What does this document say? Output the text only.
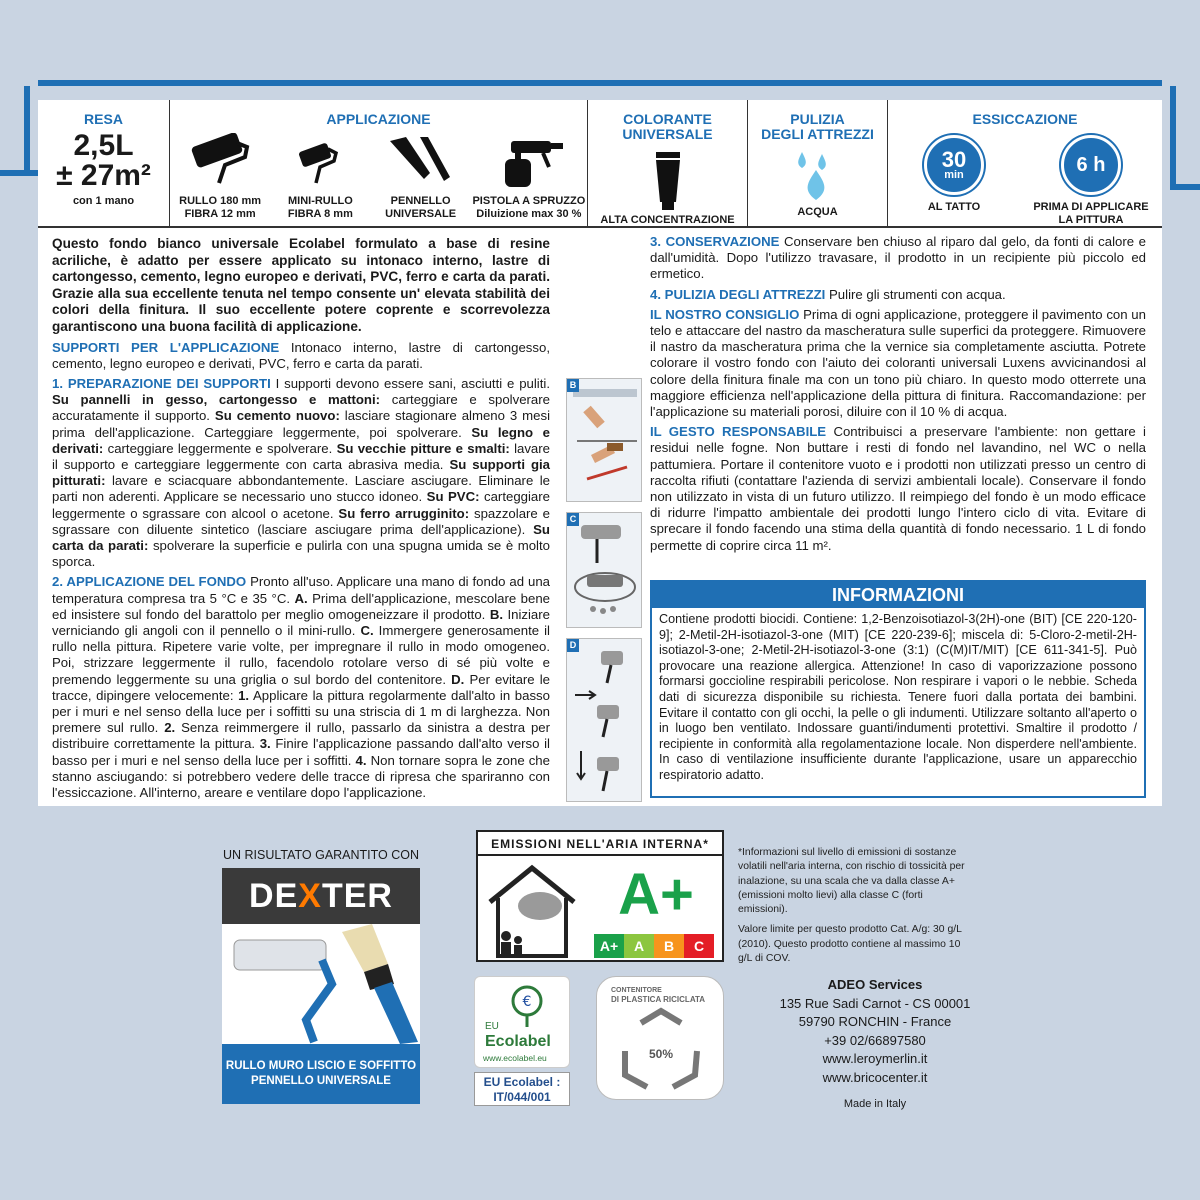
RESA
2,5L
± 27m²
con 1 mano
APPLICAZIONE
RULLO 180 mm
FIBRA 12 mm
MINI-RULLO
FIBRA 8 mm
PENNELLO
UNIVERSALE
PISTOLA A SPRUZZO
Diluizione max 30 %
COLORANTE
UNIVERSALE
ALTA CONCENTRAZIONE
PULIZIA
DEGLI ATTREZZI
ACQUA
ESSICCAZIONE
30
min
AL TATTO
6 h
PRIMA DI APPLICARE
LA PITTURA

Questo fondo bianco universale Ecolabel formulato a base di resine acriliche, è adatto per essere applicato su intonaco interno, lastre di cartongesso, cemento, legno europeo e derivati, PVC, ferro e carta da parati. Grazie alla sua eccellente tenuta nel tempo consente un' elevata stabilità dei colori della finitura. Il suo eccellente potere coprente e scorrevolezza garantiscono una buona facilità di applicazione.

SUPPORTI PER L'APPLICAZIONE Intonaco interno, lastre di cartongesso, cemento, legno europeo e derivati, PVC, ferro e carta da parati.

1. PREPARAZIONE DEI SUPPORTI I supporti devono essere sani, asciutti e puliti. Su pannelli in gesso, cartongesso e mattoni: carteggiare e spolverare accuratamente il supporto. Su cemento nuovo: lasciare stagionare almeno 3 mesi prima dell'applicazione. Carteggiare leggermente, poi spolverare. Su legno e derivati: carteggiare leggermente e spolverare. Su vecchie pitture e smalti: lavare il supporto e carteggiare leggermente con carta abrasiva media. Su supporti gia pitturati: lavare e sciacquare abbondantemente. Lasciare asciugare. Eliminare le parti non aderenti. Applicare se necessario uno stucco idoneo. Su PVC: carteggiare leggermente o sgrassare con alcool o acetone. Su ferro arrugginito: spazzolare e sgrassare con diluente sintetico (lasciare asciugare prima dell'applicazione). Su carta da parati: spolverare la superficie e pulirla con una spugna umida se è molto sporca.

2. APPLICAZIONE DEL FONDO Pronto all'uso. Applicare una mano di fondo ad una temperatura compresa tra 5 °C e 35 °C. A. Prima dell'applicazione, mescolare bene ed insistere sul fondo del barattolo per meglio omogeneizzare il prodotto. B. Iniziare verniciando gli angoli con il pennello o il mini-rullo. C. Immergere generosamente il rullo nella pittura. Ripetere varie volte, per impregnare il rullo in modo omogeneo. Poi, strizzare leggermente il rullo, facendolo rotolare verso di sé più volte e premendo leggermente su una griglia o sul bordo del contenitore. D. Per evitare le tracce, dipingere velocemente: 1. Applicare la pittura regolarmente dall'alto in basso per i muri e nel senso della luce per i soffitti su una striscia di 1 m di larghezza. Non premere sul rullo. 2. Senza reimmergere il rullo, passarlo da sinistra a destra per distribuire correttamente la pittura. 3. Finire l'applicazione passando dall'alto verso il basso per i muri e nel senso della luce per i soffitti. 4. Non tornare sopra le zone che stanno asciugando: si potrebbero vedere delle tracce di ripresa che spariranno con l'essiccazione. All'interno, areare e ventilare dopo l'applicazione.

B
C
D

3. CONSERVAZIONE Conservare ben chiuso al riparo dal gelo, da fonti di calore e dall'umidità. Dopo l'utilizzo travasare, il prodotto in un recipiente più piccolo ed ermetico.

4. PULIZIA DEGLI ATTREZZI Pulire gli strumenti con acqua.

IL NOSTRO CONSIGLIO Prima di ogni applicazione, proteggere il pavimento con un telo e attaccare del nastro da mascheratura sulle superfici da proteggere. Rimuovere il nastro da mascheratura prima che la vernice sia completamente asciutta. Potrete colorare il vostro fondo con l'aiuto dei coloranti universali Luxens avvicinandosi al colore della finitura finale ma con un tono più chiaro. In questo modo otterrete una maggiore efficienza nell'applicazione della pittura di finitura. Raccomandazione: per l'applicazione su materiali porosi, diluire con il 10 % di acqua.

IL GESTO RESPONSABILE Contribuisci a preservare l'ambiente: non gettare i residui nelle fogne. Non buttare i resti di fondo nel lavandino, nel WC o nella pattumiera. Portare il contenitore vuoto e i prodotti non utilizzati presso un centro di raccolta rifiuti (contattare l'azienda di servizi ambientali locale). Conservare il fondo non utilizzato in vista di un futuro utilizzo. Il reimpiego del fondo è un modo efficace di ridurre l'impatto ambientale dei prodotti lungo l'intero ciclo di vita. Evitare di sprecare il fondo facendo una stima della quantità di fondo necessario. 1 L di fondo permette di coprire circa 11 m².

INFORMAZIONI
Contiene prodotti biocidi. Contiene: 1,2-Benzoisotiazol-3(2H)-one (BIT) [CE 220-120-9]; 2-Metil-2H-isotiazol-3-one (MIT) [CE 220-239-6]; miscela di: 5-Cloro-2-metil-2H-isotiazol-3-one; 2-Metil-2H-isotiazol-3-one (3:1) (C(M)IT/MIT) [CE 611-341-5]. Può provocare una reazione allergica. Attenzione! In caso di vaporizzazione possono formarsi goccioline respirabili pericolose. Non respirare i vapori o le nebbie. Scheda dati di sicurezza disponibile su richiesta. Tenere fuori dalla portata dei bambini. Evitare il contatto con gli occhi, la pelle o gli indumenti. Utilizzare soltanto all'aperto o in luogo ben ventilato. Indossare guanti/indumenti protettivi. Smaltire il prodotto / recipiente in conformità alla regolamentazione locale. Non disperdere nell'ambiente. In caso di ventilazione insufficiente durante l'applicazione, usare un apparecchio respiratorio adatto.
UN RISULTATO GARANTITO CON
DEXTER
RULLO MURO LISCIO E SOFFITTO
PENNELLO UNIVERSALE
EMISSIONI NELL'ARIA INTERNA*
A+
A+	A	B	C
*Informazioni sul livello di emissioni di sostanze volatili nell'aria interna, con rischio di tossicità per inalazione, su una scala che va dalla classe A+ (emissioni molto lievi) alla classe C (forti emissioni).
Valore limite per questo prodotto Cat. A/g: 30 g/L (2010). Questo prodotto contiene al massimo 10 g/L di COV.
€
EU
Ecolabel
www.ecolabel.eu
EU Ecolabel :
IT/044/001
CONTENITORE
DI PLASTICA RICICLATA
50%
ADEO Services
135 Rue Sadi Carnot - CS 00001
59790 RONCHIN - France
+39 02/66897580
www.leroymerlin.it
www.bricocenter.it
Made in Italy
